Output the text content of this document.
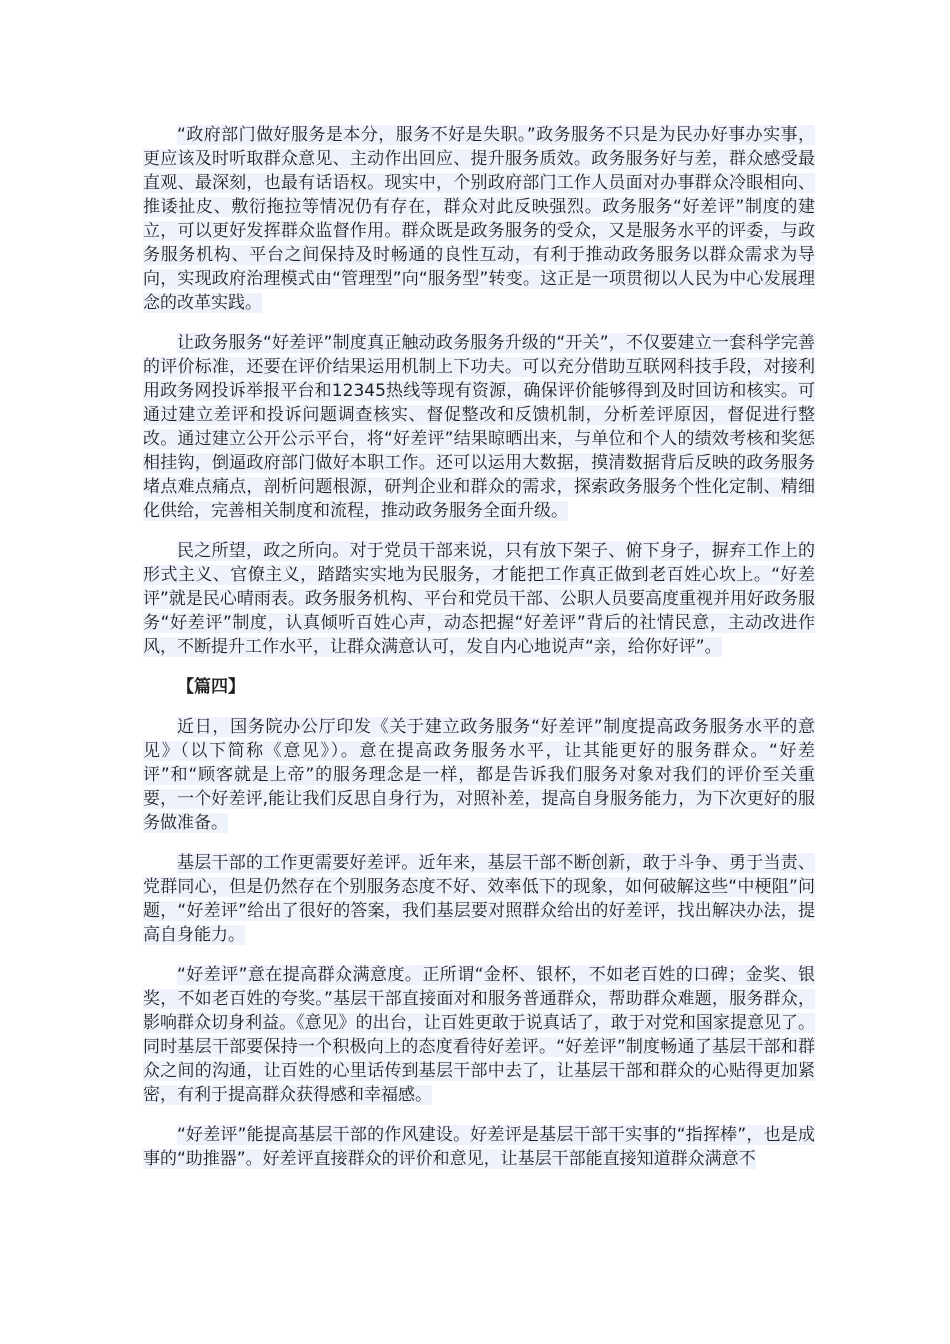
“政府部门做好服务是本分，服务不好是失职。”政务服务不只是为民办好事办实事，更应该及时听取群众意见、主动作出回应、提升服务质效。政务服务好与差，群众感受最直观、最深刻，也最有话语权。现实中，个别政府部门工作人员面对办事群众冷眼相向、推诿扯皮、敷衍拖拉等情况仍有存在，群众对此反映强烈。政务服务“好差评”制度的建立，可以更好发挥群众监督作用。群众既是政务服务的受众，又是服务水平的评委，与政务服务机构、平台之间保持及时畅通的良性互动，有利于推动政务服务以群众需求为导向，实现政府治理模式由“管理型”向“服务型”转变。这正是一项贯彻以人民为中心发展理念的改革实践。

让政务服务“好差评”制度真正触动政务服务升级的“开关”，不仅要建立一套科学完善的评价标准，还要在评价结果运用机制上下功夫。可以充分借助互联网科技手段，对接利用政务网投诉举报平台和12345热线等现有资源，确保评价能够得到及时回访和核实。可通过建立差评和投诉问题调查核实、督促整改和反馈机制，分析差评原因，督促进行整改。通过建立公开公示平台，将“好差评”结果晾晒出来，与单位和个人的绩效考核和奖惩相挂钩，倒逼政府部门做好本职工作。还可以运用大数据，摸清数据背后反映的政务服务堵点难点痛点，剖析问题根源，研判企业和群众的需求，探索政务服务个性化定制、精细化供给，完善相关制度和流程，推动政务服务全面升级。

民之所望，政之所向。对于党员干部来说，只有放下架子、俯下身子，摒弃工作上的形式主义、官僚主义，踏踏实实地为民服务，才能把工作真正做到老百姓心坎上。“好差评”就是民心晴雨表。政务服务机构、平台和党员干部、公职人员要高度重视并用好政务服务“好差评”制度，认真倾听百姓心声，动态把握“好差评”背后的社情民意，主动改进作风，不断提升工作水平，让群众满意认可，发自内心地说声“亲，给你好评”。

【篇四】

近日，国务院办公厅印发《关于建立政务服务“好差评”制度提高政务服务水平的意见》（以下简称《意见》）。意在提高政务服务水平，让其能更好的服务群众。“好差评”和“顾客就是上帝”的服务理念是一样，都是告诉我们服务对象对我们的评价至关重要，一个好差评,能让我们反思自身行为，对照补差，提高自身服务能力，为下次更好的服务做准备。

基层干部的工作更需要好差评。近年来，基层干部不断创新，敢于斗争、勇于当责、党群同心，但是仍然存在个别服务态度不好、效率低下的现象，如何破解这些“中梗阻”问题，“好差评”给出了很好的答案，我们基层要对照群众给出的好差评，找出解决办法，提高自身能力。

“好差评”意在提高群众满意度。正所谓“金杯、银杯，不如老百姓的口碑；金奖、银奖，不如老百姓的夸奖。”基层干部直接面对和服务普通群众，帮助群众难题，服务群众，影响群众切身利益。《意见》的出台，让百姓更敢于说真话了，敢于对党和国家提意见了。同时基层干部要保持一个积极向上的态度看待好差评。“好差评”制度畅通了基层干部和群众之间的沟通，让百姓的心里话传到基层干部中去了，让基层干部和群众的心贴得更加紧密，有利于提高群众获得感和幸福感。

“好差评”能提高基层干部的作风建设。好差评是基层干部干实事的“指挥棒”，也是成事的“助推器”。好差评直接群众的评价和意见，让基层干部能直接知道群众满意不
